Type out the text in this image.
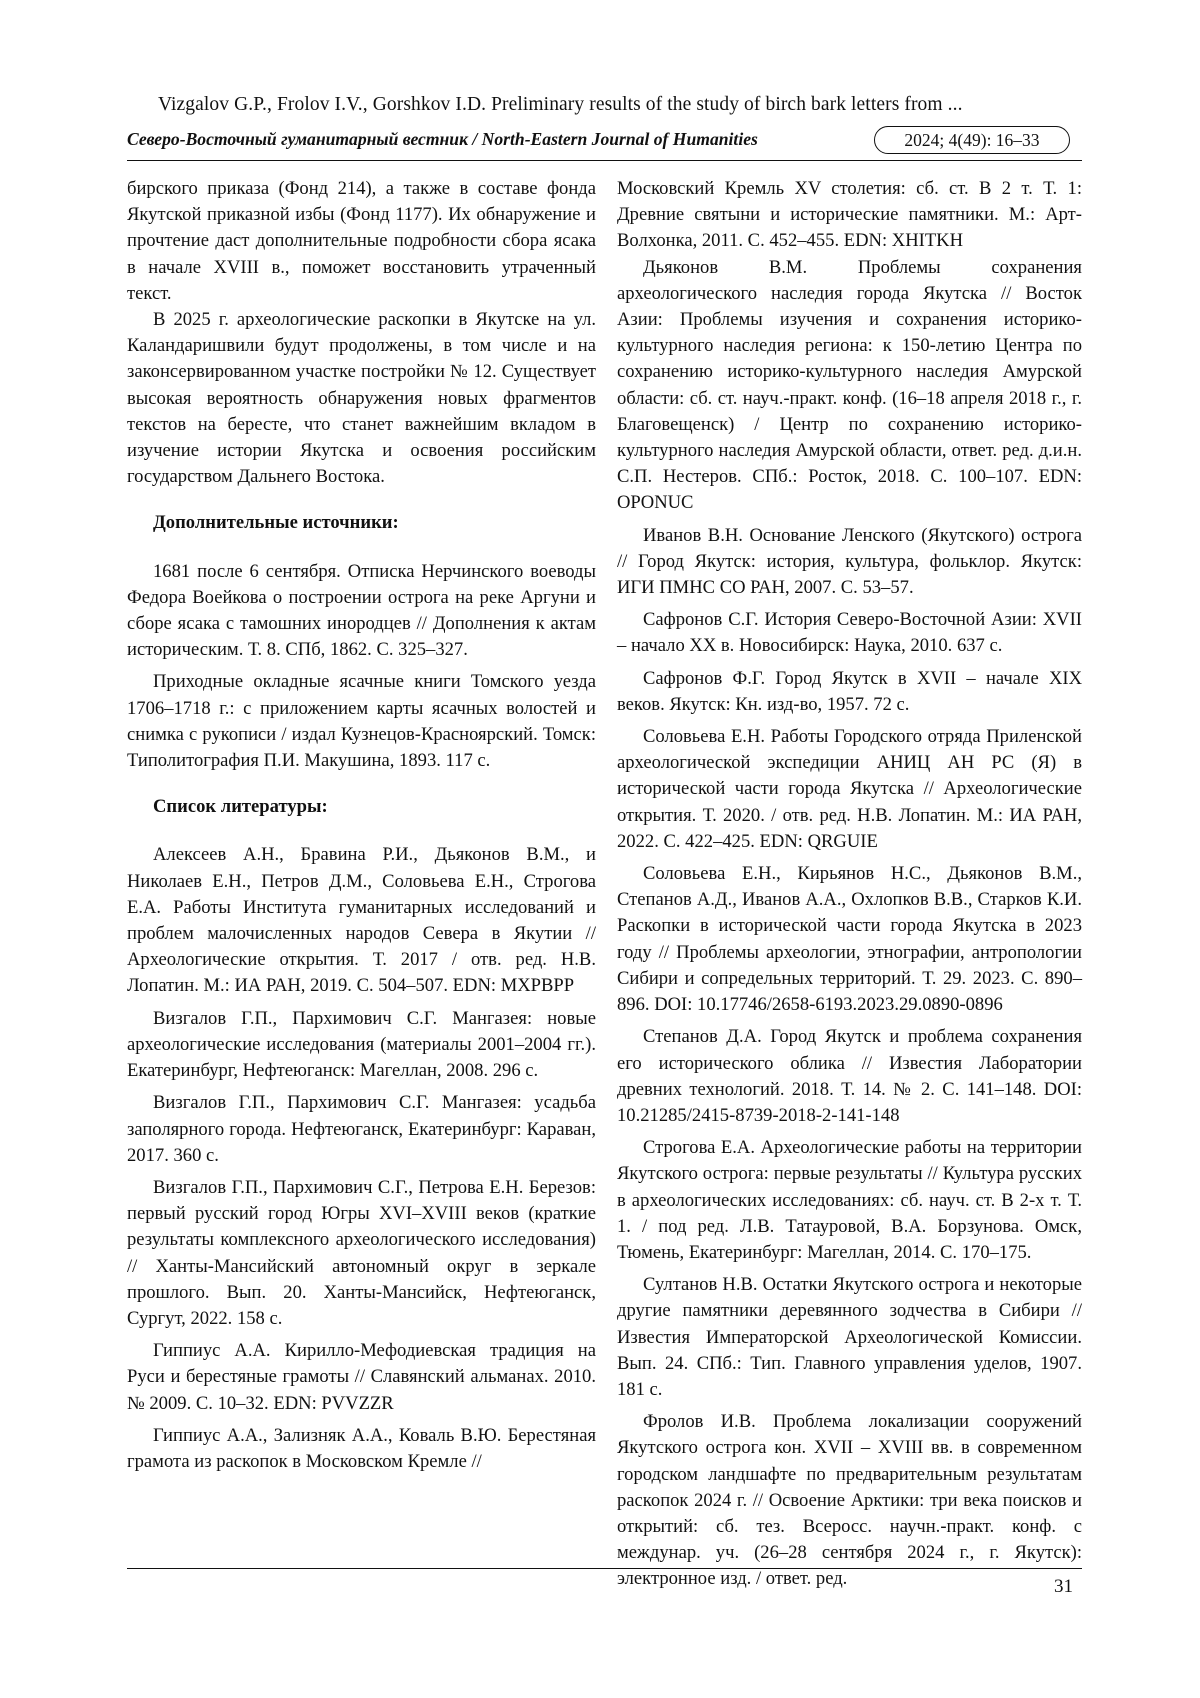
Vizgalov G.P., Frolov I.V., Gorshkov I.D. Preliminary results of the study of birch bark letters from ...
Северо-Восточный гуманитарный вестник / North-Eastern Journal of Humanities	2024; 4(49): 16–33

бирского приказа (Фонд 214), а также в составе фонда Якутской приказной избы (Фонд 1177). Их обнаружение и прочтение даст дополнительные подробности сбора ясака в начале XVIII в., поможет восстановить утраченный текст.

В 2025 г. археологические раскопки в Якутске на ул. Каландаришвили будут продолжены, в том числе и на законсервированном участке постройки № 12. Существует высокая вероятность обнаружения новых фрагментов текстов на бересте, что станет важнейшим вкладом в изучение истории Якутска и освоения российским государством Дальнего Востока.

Дополнительные источники:

1681 после 6 сентября. Отписка Нерчинского воеводы Федора Воейкова о построении острога на реке Аргуни и сборе ясака с тамошних инородцев // Дополнения к актам историческим. Т. 8. СПб, 1862. С. 325–327.

Приходные окладные ясачные книги Томского уезда 1706–1718 г.: с приложением карты ясачных волостей и снимка с рукописи / издал Кузнецов-Красноярский. Томск: Типолитография П.И. Макушина, 1893. 117 с.

Список литературы:

Алексеев А.Н., Бравина Р.И., Дьяконов В.М., и Николаев Е.Н., Петров Д.М., Соловьева Е.Н., Строгова Е.А. Работы Института гуманитарных исследований и проблем малочисленных народов Севера в Якутии // Археологические открытия. Т. 2017 / отв. ред. Н.В. Лопатин. М.: ИА РАН, 2019. С. 504–507. EDN: MXPBPP

Визгалов Г.П., Пархимович С.Г. Мангазея: новые археологические исследования (материалы 2001–2004 гг.). Екатеринбург, Нефтеюганск: Магеллан, 2008. 296 с.

Визгалов Г.П., Пархимович С.Г. Мангазея: усадьба заполярного города. Нефтеюганск, Екатеринбург: Караван, 2017. 360 с.

Визгалов Г.П., Пархимович С.Г., Петрова Е.Н. Березов: первый русский город Югры XVI–XVIII веков (краткие результаты комплексного археологического исследования) // Ханты-Мансийский автономный округ в зеркале прошлого. Вып. 20. Ханты-Мансийск, Нефтеюганск, Сургут, 2022. 158 с.

Гиппиус А.А. Кирилло-Мефодиевская традиция на Руси и берестяные грамоты // Славянский альманах. 2010. № 2009. С. 10–32. EDN: PVVZZR

Гиппиус А.А., Зализняк А.А., Коваль В.Ю. Берестяная грамота из раскопок в Московском Кремле //

Московский Кремль XV столетия: сб. ст. В 2 т. Т. 1: Древние святыни и исторические памятники. М.: Арт-Волхонка, 2011. С. 452–455. EDN: XHITKH

Дьяконов В.М. Проблемы сохранения археологического наследия города Якутска // Восток Азии: Проблемы изучения и сохранения историко-культурного наследия региона: к 150-летию Центра по сохранению историко-культурного наследия Амурской области: сб. ст. науч.-практ. конф. (16–18 апреля 2018 г., г. Благовещенск) / Центр по сохранению историко-культурного наследия Амурской области, ответ. ред. д.и.н. С.П. Нестеров. СПб.: Росток, 2018. С. 100–107. EDN: OPONUC

Иванов В.Н. Основание Ленского (Якутского) острога // Город Якутск: история, культура, фольклор. Якутск: ИГИ ПМНС СО РАН, 2007. С. 53–57.

Сафронов С.Г. История Северо-Восточной Азии: XVII – начало XX в. Новосибирск: Наука, 2010. 637 с.

Сафронов Ф.Г. Город Якутск в XVII – начале XIX веков. Якутск: Кн. изд-во, 1957. 72 с.

Соловьева Е.Н. Работы Городского отряда Приленской археологической экспедиции АНИЦ АН РС (Я) в исторической части города Якутска // Археологические открытия. Т. 2020. / отв. ред. Н.В. Лопатин. М.: ИА РАН, 2022. С. 422–425. EDN: QRGUIE

Соловьева Е.Н., Кирьянов Н.С., Дьяконов В.М., Степанов А.Д., Иванов А.А., Охлопков В.В., Старков К.И. Раскопки в исторической части города Якутска в 2023 году // Проблемы археологии, этнографии, антропологии Сибири и сопредельных территорий. Т. 29. 2023. С. 890–896. DOI: 10.17746/2658-6193.2023.29.0890-0896

Степанов Д.А. Город Якутск и проблема сохранения его исторического облика // Известия Лаборатории древних технологий. 2018. Т. 14. № 2. С. 141–148. DOI: 10.21285/2415-8739-2018-2-141-148

Строгова Е.А. Археологические работы на территории Якутского острога: первые результаты // Культура русских в археологических исследованиях: сб. науч. ст. В 2-х т. Т. 1. / под ред. Л.В. Татауровой, В.А. Борзунова. Омск, Тюмень, Екатеринбург: Магеллан, 2014. С. 170–175.

Султанов Н.В. Остатки Якутского острога и некоторые другие памятники деревянного зодчества в Сибири // Известия Императорской Археологической Комиссии. Вып. 24. СПб.: Тип. Главного управления уделов, 1907. 181 с.

Фролов И.В. Проблема локализации сооружений Якутского острога кон. XVII – XVIII вв. в современном городском ландшафте по предварительным результатам раскопок 2024 г. // Освоение Арктики: три века поисков и открытий: сб. тез. Всеросс. научн.-практ. конф. с междунар. уч. (26–28 сентября 2024 г., г. Якутск): электронное изд. / ответ. ред.	31
